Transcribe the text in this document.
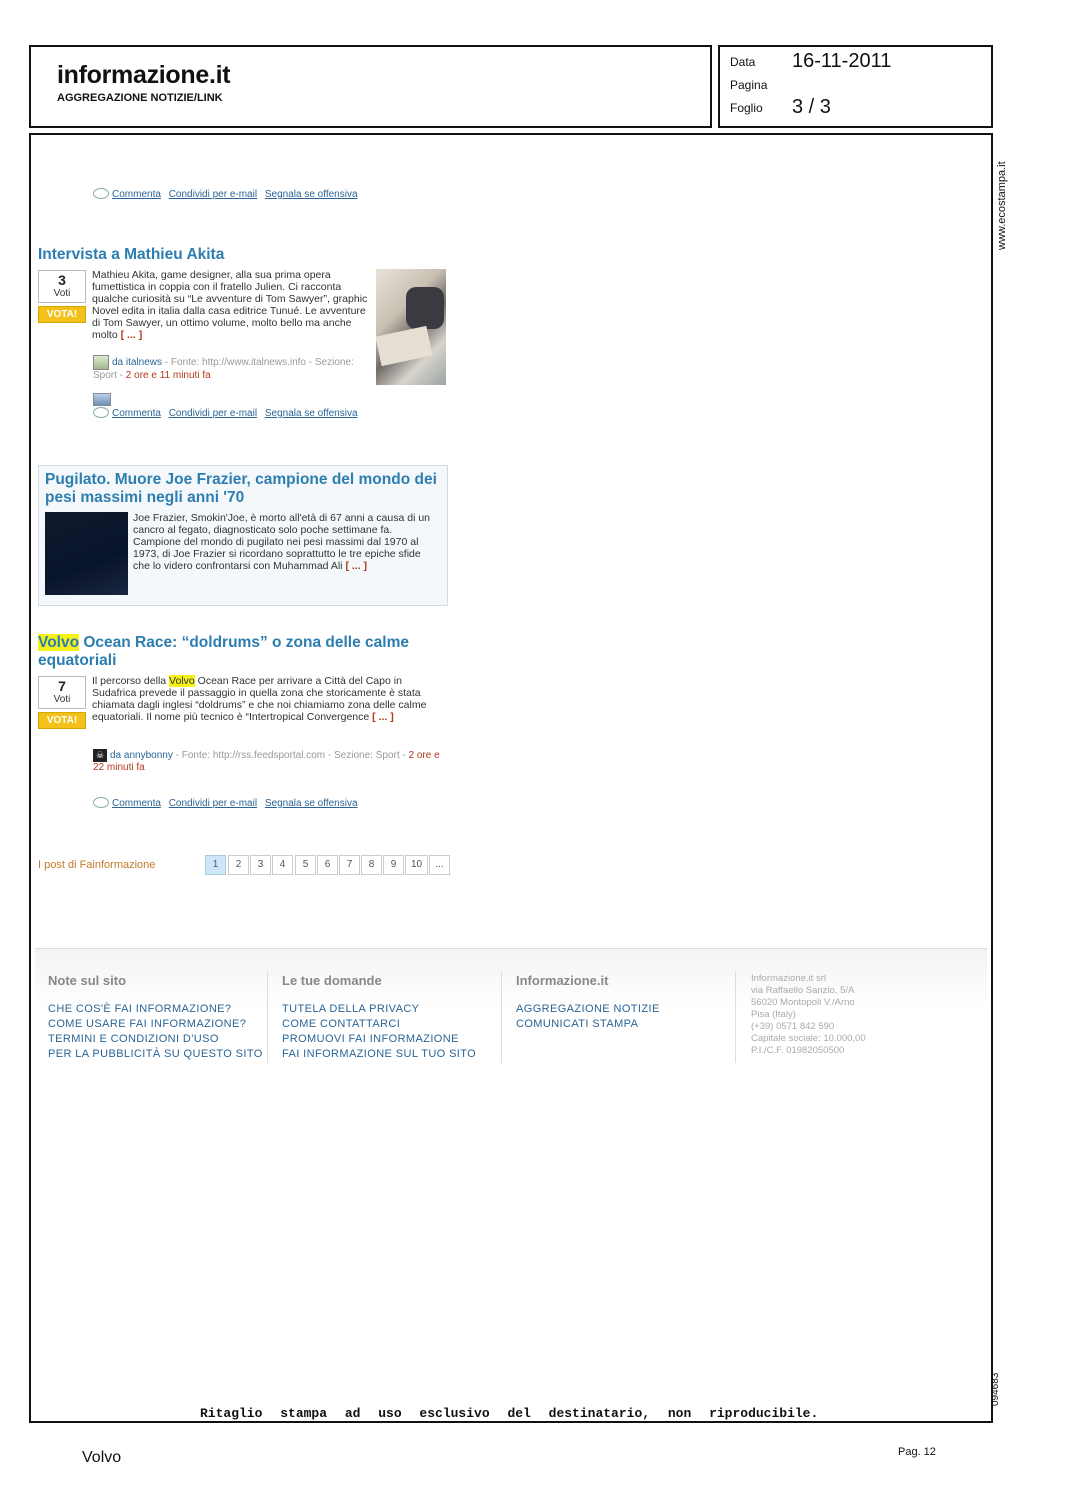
informazione.it
AGGREGAZIONE NOTIZIE/LINK
Data 16-11-2011
Pagina
Foglio 3 / 3
www.ecostampa.it
094683
Commenta Condividi per e-mail Segnala se offensiva
Intervista a Mathieu Akita
3
Voti
VOTA!
Mathieu Akita, game designer, alla sua prima opera fumettistica in coppia con il fratello Julien. Ci racconta qualche curiosità su “Le avventure di Tom Sawyer”, graphic Novel edita in italia dalla casa editrice Tunué. Le avventure di Tom Sawyer, un ottimo volume, molto bello ma anche molto [ ... ]
da italnews - Fonte: http://www.italnews.info - Sezione: Sport - 2 ore e 11 minuti fa
Commenta Condividi per e-mail Segnala se offensiva
Pugilato. Muore Joe Frazier, campione del mondo dei pesi massimi negli anni '70
Joe Frazier, Smokin'Joe, è morto all'età di 67 anni a causa di un cancro al fegato, diagnosticato solo poche settimane fa. Campione del mondo di pugilato nei pesi massimi dal 1970 al 1973, di Joe Frazier si ricordano soprattutto le tre epiche sfide che lo videro confrontarsi con Muhammad Ali [ ... ]
Volvo Ocean Race: “doldrums” o zona delle calme equatoriali
7
Voti
VOTA!
Il percorso della Volvo Ocean Race per arrivare a Città del Capo in Sudafrica prevede il passaggio in quella zona che storicamente è stata chiamata dagli inglesi “doldrums” e che noi chiamiamo zona delle calme equatoriali. Il nome più tecnico è “Intertropical Convergence [ ... ]
☠ da annybonny - Fonte: http://rss.feedsportal.com - Sezione: Sport - 2 ore e 22 minuti fa
Commenta Condividi per e-mail Segnala se offensiva
I post di Fainformazione	1	2	3	4	5	6	7	8	9	10	...
Note sul sito
CHE COS'È FAI INFORMAZIONE?
COME USARE FAI INFORMAZIONE?
TERMINI E CONDIZIONI D'USO
PER LA PUBBLICITÀ SU QUESTO SITO
Le tue domande
TUTELA DELLA PRIVACY
COME CONTATTARCI
PROMUOVI FAI INFORMAZIONE
FAI INFORMAZIONE SUL TUO SITO
Informazione.it
AGGREGAZIONE NOTIZIE
COMUNICATI STAMPA
Informazione.it srl
via Raffaello Sanzio, 5/A
56020 Montopoli V./Arno
Pisa (Italy)
(+39) 0571 842 590
Capitale sociale: 10.000,00
P.I./C.F. 01982050500
Ritaglio stampa ad uso esclusivo del destinatario, non riproducibile.
Volvo	Pag. 12
